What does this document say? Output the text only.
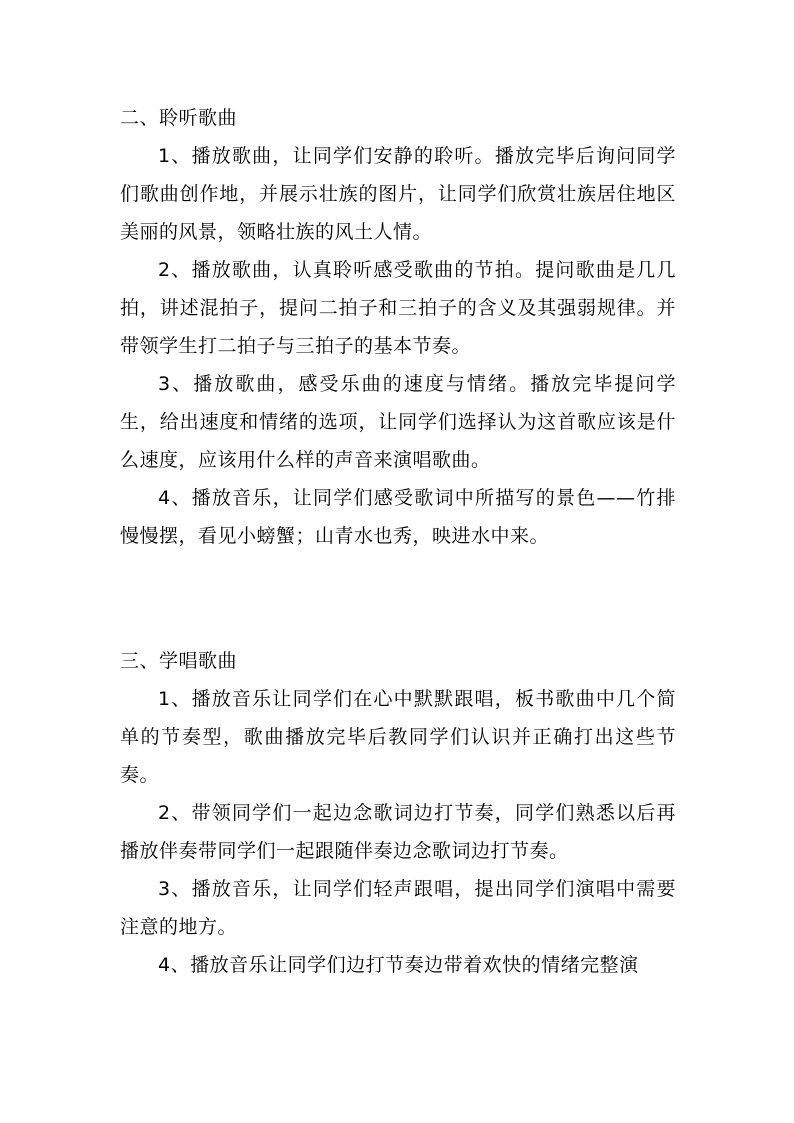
二、聆听歌曲

1、播放歌曲，让同学们安静的聆听。播放完毕后询问同学们歌曲创作地，并展示壮族的图片，让同学们欣赏壮族居住地区美丽的风景，领略壮族的风土人情。

2、播放歌曲，认真聆听感受歌曲的节拍。提问歌曲是几几拍，讲述混拍子，提问二拍子和三拍子的含义及其强弱规律。并带领学生打二拍子与三拍子的基本节奏。

3、播放歌曲，感受乐曲的速度与情绪。播放完毕提问学生，给出速度和情绪的选项，让同学们选择认为这首歌应该是什么速度，应该用什么样的声音来演唱歌曲。

4、播放音乐，让同学们感受歌词中所描写的景色——竹排慢慢摆，看见小螃蟹；山青水也秀，映进水中来。

三、学唱歌曲

1、播放音乐让同学们在心中默默跟唱，板书歌曲中几个简单的节奏型，歌曲播放完毕后教同学们认识并正确打出这些节奏。

2、带领同学们一起边念歌词边打节奏，同学们熟悉以后再播放伴奏带同学们一起跟随伴奏边念歌词边打节奏。

3、播放音乐，让同学们轻声跟唱，提出同学们演唱中需要注意的地方。

4、播放音乐让同学们边打节奏边带着欢快的情绪完整演
